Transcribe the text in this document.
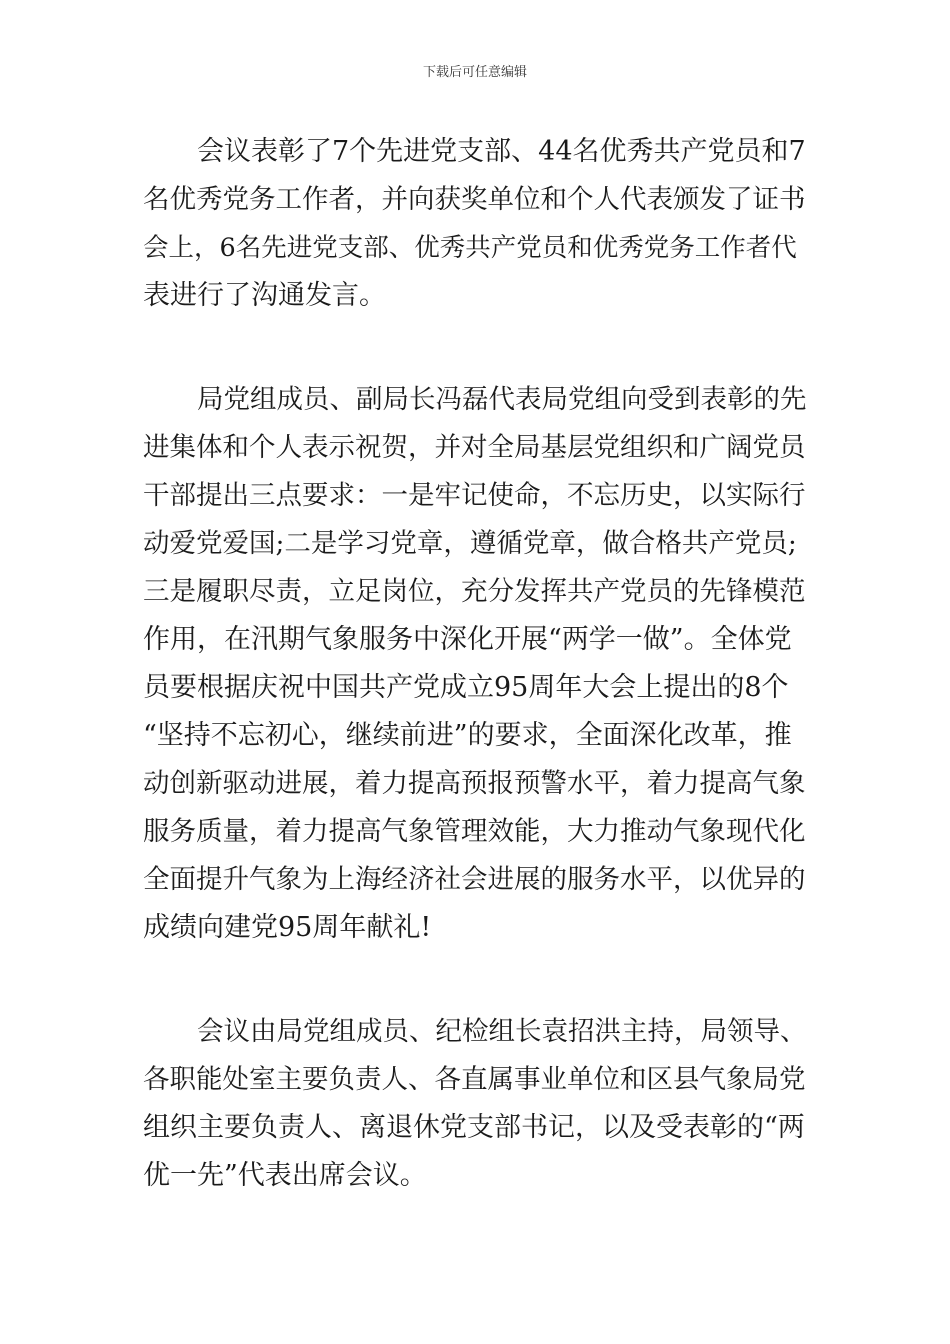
下载后可任意编辑
会议表彰了7个先进党支部、44名优秀共产党员和7
名优秀党务工作者，并向获奖单位和个人代表颁发了证书
会上，6名先进党支部、优秀共产党员和优秀党务工作者代
表进行了沟通发言。
局党组成员、副局长冯磊代表局党组向受到表彰的先
进集体和个人表示祝贺，并对全局基层党组织和广阔党员
干部提出三点要求：一是牢记使命，不忘历史，以实际行
动爱党爱国;二是学习党章，遵循党章，做合格共产党员;
三是履职尽责，立足岗位，充分发挥共产党员的先锋模范
作用，在汛期气象服务中深化开展“两学一做”。全体党
员要根据庆祝中国共产党成立95周年大会上提出的8个
“坚持不忘初心，继续前进”的要求，全面深化改革，推
动创新驱动进展，着力提高预报预警水平，着力提高气象
服务质量，着力提高气象管理效能，大力推动气象现代化
全面提升气象为上海经济社会进展的服务水平，以优异的
成绩向建党95周年献礼!
会议由局党组成员、纪检组长袁招洪主持，局领导、
各职能处室主要负责人、各直属事业单位和区县气象局党
组织主要负责人、离退休党支部书记，以及受表彰的“两
优一先”代表出席会议。
